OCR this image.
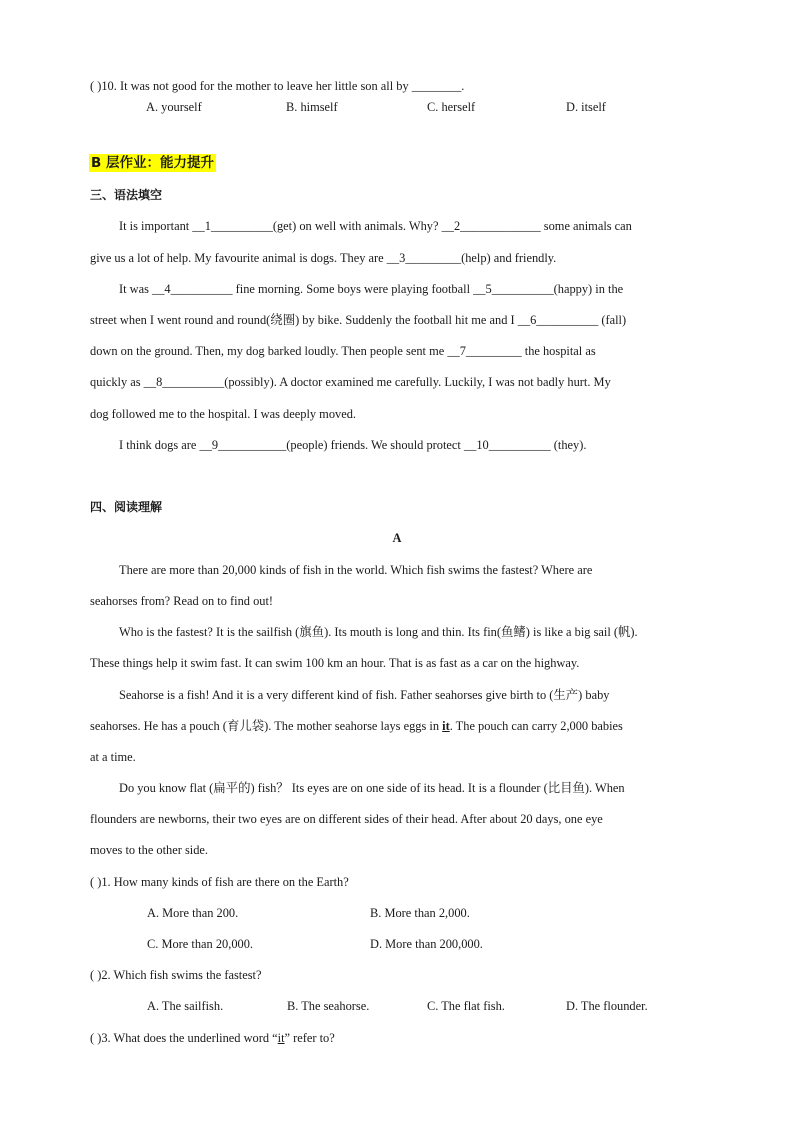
( )10. It was not good for the mother to leave her little son all by ________.
A. yourself	B. himself	C. herself	D. itself
B 层作业：能力提升
三、语法填空
It is important __1__________(get) on well with animals. Why? __2_____________ some animals can
give us a lot of help. My favourite animal is dogs. They are __3_________(help) and friendly.
It was __4__________ fine morning. Some boys were playing football __5__________(happy) in the
street when I went round and round(绕圈) by bike. Suddenly the football hit me and I __6__________ (fall)
down on the ground. Then, my dog barked loudly. Then people sent me __7_________ the hospital as
quickly as __8__________(possibly). A doctor examined me carefully. Luckily, I was not badly hurt. My
dog followed me to the hospital. I was deeply moved.
I think dogs are __9___________(people) friends. We should protect __10__________ (they).
四、阅读理解
A
There are more than 20,000 kinds of fish in the world. Which fish swims the fastest? Where are
seahorses from? Read on to find out!
Who is the fastest? It is the sailfish (旗鱼). Its mouth is long and thin. Its fin(鱼鳍) is like a big sail (帆).
These things help it swim fast. It can swim 100 km an hour. That is as fast as a car on the highway.
Seahorse is a fish! And it is a very different kind of fish. Father seahorses give birth to (生产) baby
seahorses. He has a pouch (育儿袋). The mother seahorse lays eggs in it. The pouch can carry 2,000 babies
at a time.
Do you know flat (扁平的) fish？ Its eyes are on one side of its head. It is a flounder (比目鱼). When
flounders are newborns, their two eyes are on different sides of their head. After about 20 days, one eye
moves to the other side.
( )1. How many kinds of fish are there on the Earth?
A. More than 200.	B. More than 2,000.
C. More than 20,000.	D. More than 200,000.
( )2. Which fish swims the fastest?
A. The sailfish.	B. The seahorse.	C. The flat fish.	D. The flounder.
( )3. What does the underlined word “it” refer to?
